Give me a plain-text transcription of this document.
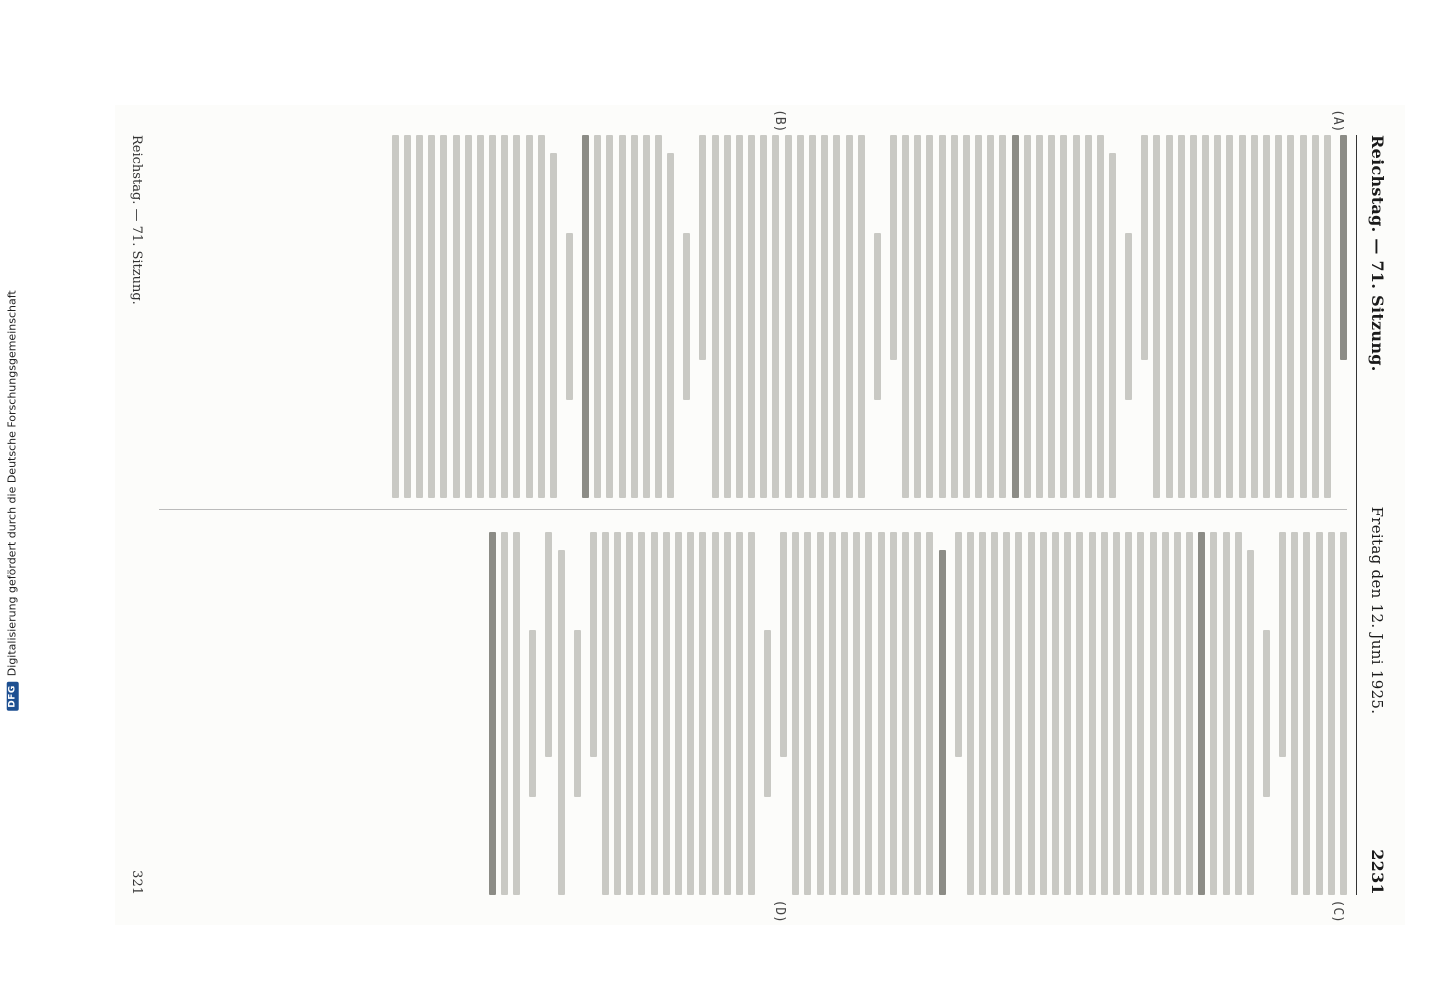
DFG
Digitalisierung gefördert durch die Deutsche Forschungsgemeinschaft
Reichstag. — 71. Sitzung.
Freitag den 12. Juni 1925.
2231
(A)
(B)
(C)
(D)
Reichstag. — 71. Sitzung.
321
